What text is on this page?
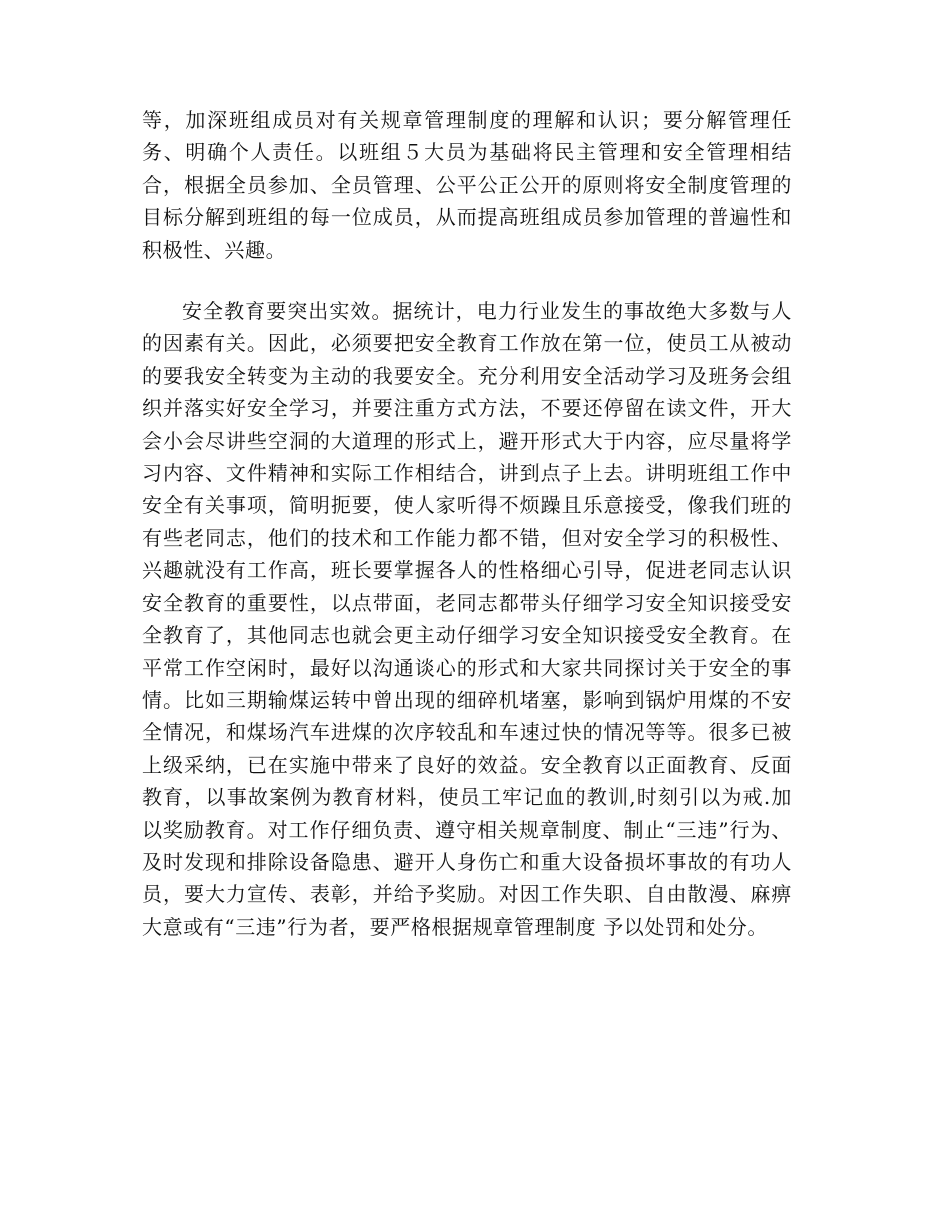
等，加深班组成员对有关规章管理制度的理解和认识；要分解管理任务、明确个人责任。以班组５大员为基础将民主管理和安全管理相结合，根据全员参加、全员管理、公平公正公开的原则将安全制度管理的目标分解到班组的每一位成员，从而提高班组成员参加管理的普遍性和积极性、兴趣。

安全教育要突出实效。据统计，电力行业发生的事故绝大多数与人的因素有关。因此，必须要把安全教育工作放在第一位，使员工从被动的要我安全转变为主动的我要安全。充分利用安全活动学习及班务会组织并落实好安全学习，并要注重方式方法，不要还停留在读文件，开大会小会尽讲些空洞的大道理的形式上，避开形式大于内容，应尽量将学习内容、文件精神和实际工作相结合，讲到点子上去。讲明班组工作中安全有关事项，简明扼要，使人家听得不烦躁且乐意接受，像我们班的有些老同志，他们的技术和工作能力都不错，但对安全学习的积极性、兴趣就没有工作高，班长要掌握各人的性格细心引导，促进老同志认识安全教育的重要性，以点带面，老同志都带头仔细学习安全知识接受安全教育了，其他同志也就会更主动仔细学习安全知识接受安全教育。在平常工作空闲时，最好以沟通谈心的形式和大家共同探讨关于安全的事情。比如三期输煤运转中曾出现的细碎机堵塞，影响到锅炉用煤的不安全情况，和煤场汽车进煤的次序较乱和车速过快的情况等等。很多已被上级采纳，已在实施中带来了良好的效益。安全教育以正面教育、反面教育，以事故案例为教育材料，使员工牢记血的教训,时刻引以为戒.加以奖励教育。对工作仔细负责、遵守相关规章制度、制止“三违”行为、及时发现和排除设备隐患、避开人身伤亡和重大设备损坏事故的有功人员，要大力宣传、表彰，并给予奖励。对因工作失职、自由散漫、麻痹大意或有“三违”行为者，要严格根据规章管理制度 予以处罚和处分。
